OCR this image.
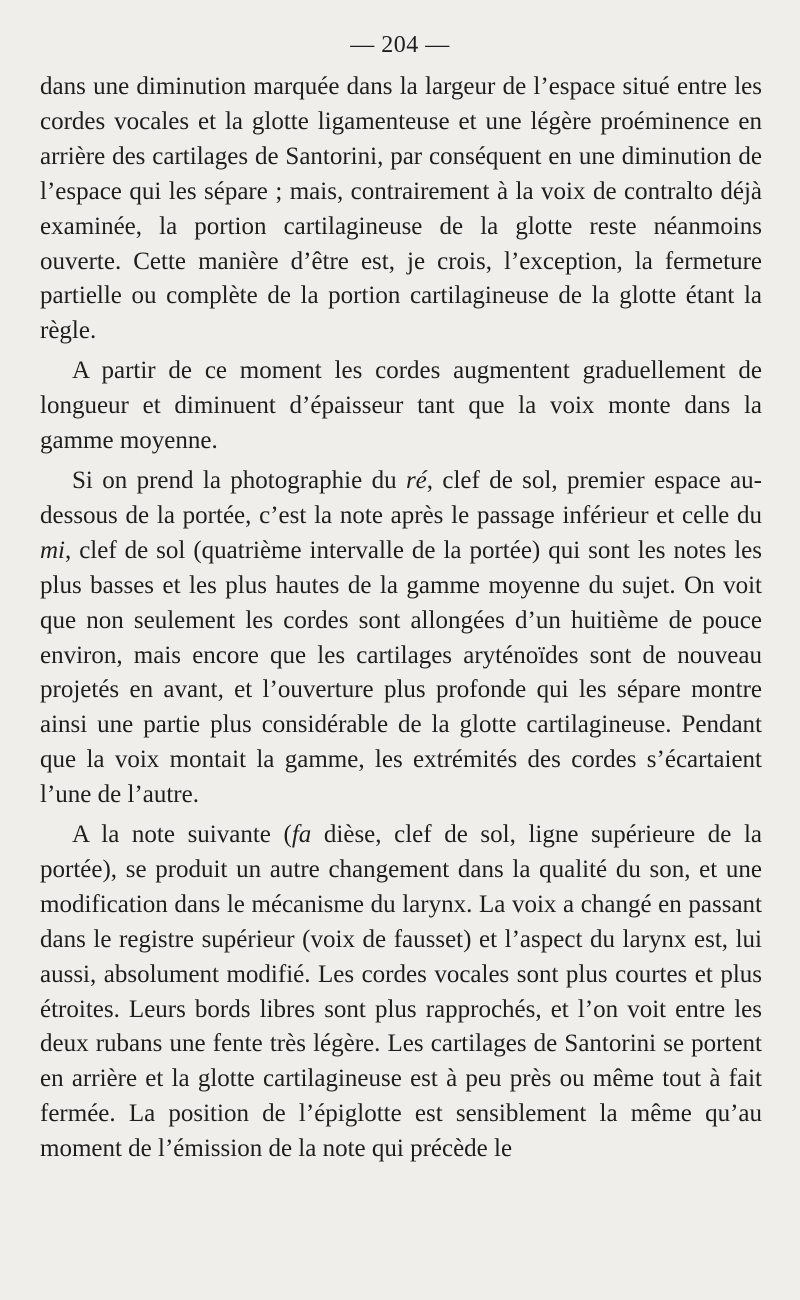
— 204 —

dans une diminution marquée dans la largeur de l’espace situé entre les cordes vocales et la glotte ligamenteuse et une légère proéminence en arrière des cartilages de Santorini, par conséquent en une diminution de l’espace qui les sépare ; mais, contrairement à la voix de contralto déjà examinée, la portion cartilagineuse de la glotte reste néanmoins ouverte. Cette manière d’être est, je crois, l’exception, la fermeture partielle ou complète de la portion cartilagineuse de la glotte étant la règle.

A partir de ce moment les cordes augmentent graduellement de longueur et diminuent d’épaisseur tant que la voix monte dans la gamme moyenne.

Si on prend la photographie du ré, clef de sol, premier espace au-dessous de la portée, c’est la note après le passage inférieur et celle du mi, clef de sol (quatrième intervalle de la portée) qui sont les notes les plus basses et les plus hautes de la gamme moyenne du sujet. On voit que non seulement les cordes sont allongées d’un huitième de pouce environ, mais encore que les cartilages aryténoïdes sont de nouveau projetés en avant, et l’ouverture plus profonde qui les sépare montre ainsi une partie plus considérable de la glotte cartilagineuse. Pendant que la voix montait la gamme, les extrémités des cordes s’écartaient l’une de l’autre.

A la note suivante (fa dièse, clef de sol, ligne supérieure de la portée), se produit un autre changement dans la qualité du son, et une modification dans le mécanisme du larynx. La voix a changé en passant dans le registre supérieur (voix de fausset) et l’aspect du larynx est, lui aussi, absolument modifié. Les cordes vocales sont plus courtes et plus étroites. Leurs bords libres sont plus rapprochés, et l’on voit entre les deux rubans une fente très légère. Les cartilages de Santorini se portent en arrière et la glotte cartilagineuse est à peu près ou même tout à fait fermée. La position de l’épiglotte est sensiblement la même qu’au moment de l’émission de la note qui précède le
